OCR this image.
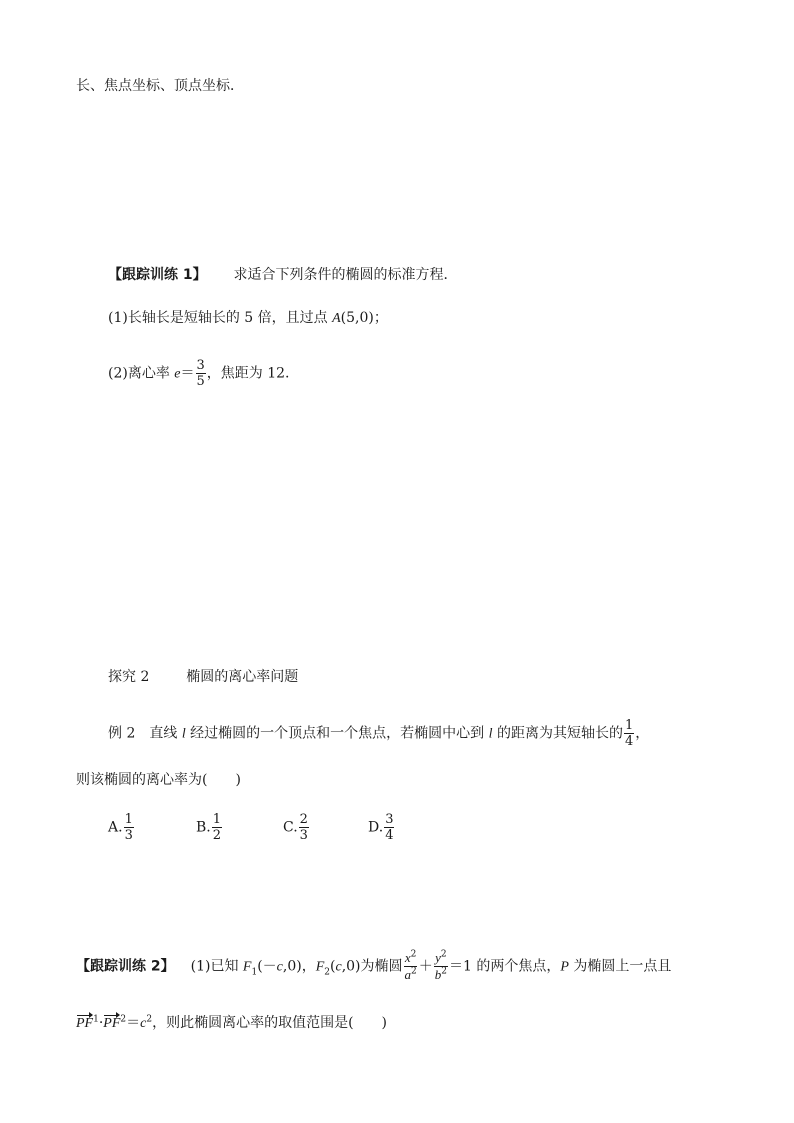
长、焦点坐标、顶点坐标．
【跟踪训练 1】 求适合下列条件的椭圆的标准方程．
(1)长轴长是短轴长的 5 倍，且过点 A(5,0)；
(2)离心率 $e= \frac{3}{5}$ ，焦距为 12.
探究 2	椭圆的离心率问题
例 2 直线 l 经过椭圆的一个顶点和一个焦点，若椭圆中心到 l 的距离为其短轴长的 $\frac{1}{4}$ ，
则该椭圆的离心率为(　　)
A. $\frac{1}{3}$	B. $\frac{1}{2}$	C. $\frac{2}{3}$	D. $\frac{3}{4}$
【跟踪训练 2】 (1)已知 $F_1(-c,0)$，$F_2(c,0)$为椭圆 $\frac{x^2}{a^2} + \frac{y^2}{b^2} =1$ 的两个焦点，P 为椭圆上一点且
$PF^1\cdot PF^2=c^2$，则此椭圆离心率的取值范围是(　　)
